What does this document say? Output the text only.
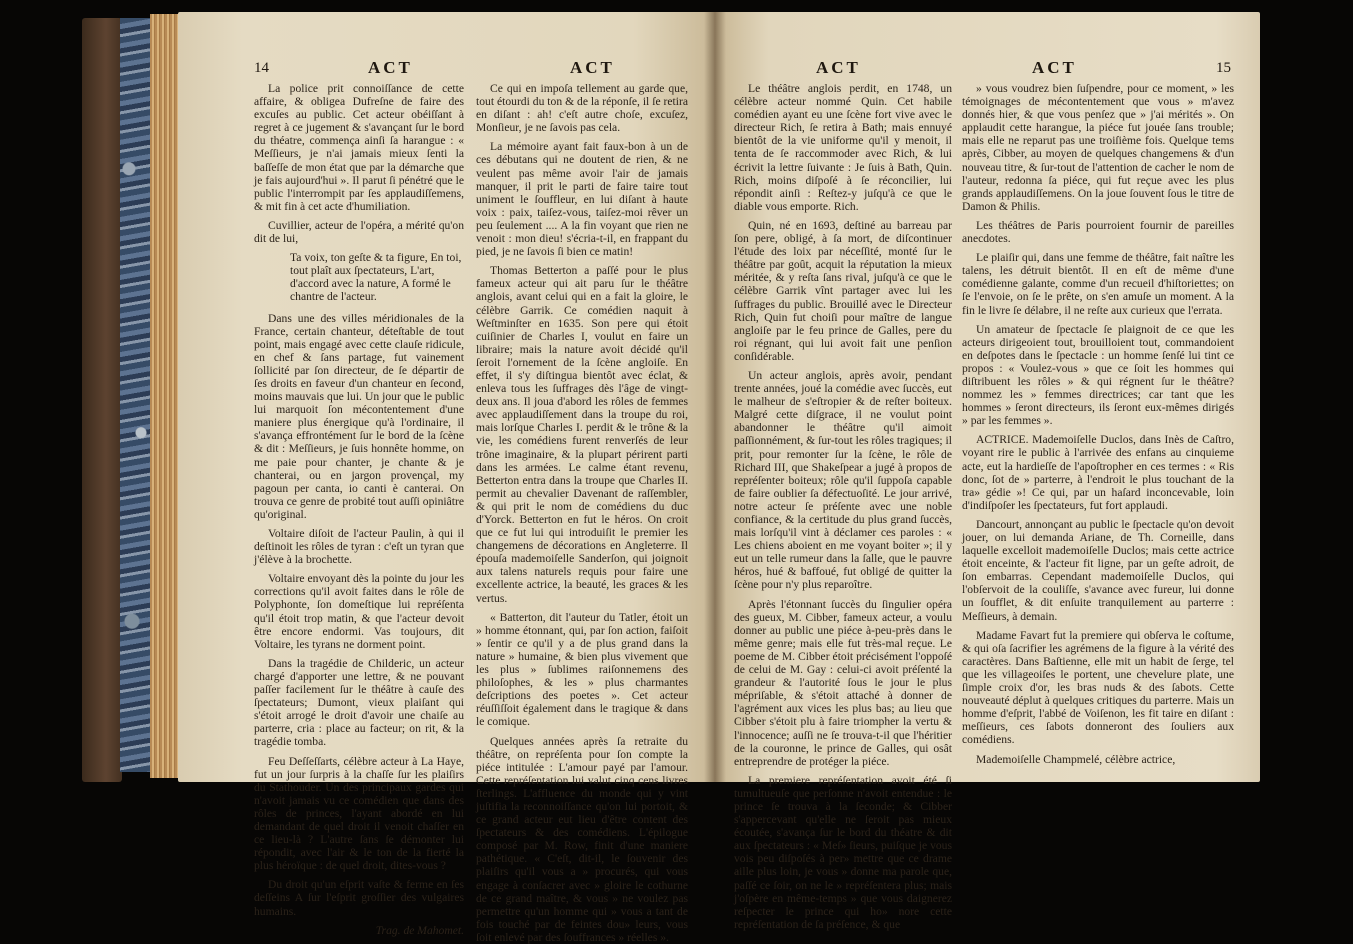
14	ACT	ACT

La police prit connoiſſance de cette affaire, & obligea Dufreſne de faire des excuſes au public. Cet acteur obéiſſant à regret à ce jugement & s'avançant ſur le bord du théatre, commença ainſi ſa harangue : « Meſſieurs, je n'ai jamais mieux ſenti la baſſeſſe de mon état que par la démarche que je fais aujourd'hui ». Il parut ſi pénétré que le public l'interrompit par ſes applaudiſſemens, & mit fin à cet acte d'humiliation.

Cuvillier, acteur de l'opéra, a mérité qu'on dit de lui,

Ta voix, ton geſte & ta figure, En toi, tout plaît aux ſpectateurs, L'art, d'accord avec la nature, A formé le chantre de l'acteur.

Dans une des villes méridionales de la France, certain chanteur, déteſtable de tout point, mais engagé avec cette clauſe ridicule, en chef & ſans partage, fut vainement ſollicité par ſon directeur, de ſe départir de ſes droits en faveur d'un chanteur en ſecond, moins mauvais que lui. Un jour que le public lui marquoit ſon mécontentement d'une maniere plus énergique qu'à l'ordinaire, il s'avança effrontément ſur le bord de la ſcène & dit : Meſſieurs, je ſuis honnête homme, on me paie pour chanter, je chante & je chanterai, ou en jargon provençal, my pagoun per canta, io canti è canterai. On trouva ce genre de probité tout auſſi opiniâtre qu'original.

Voltaire diſoit de l'acteur Paulin, à qui il deſtinoit les rôles de tyran : c'eſt un tyran que j'élève à la brochette.

Voltaire envoyant dès la pointe du jour les corrections qu'il avoit faites dans le rôle de Polyphonte, ſon domeſtique lui repréſenta qu'il étoit trop matin, & que l'acteur devoit être encore endormi. Vas toujours, dit Voltaire, les tyrans ne dorment point.

Dans la tragédie de Childeric, un acteur chargé d'apporter une lettre, & ne pouvant paſſer facilement ſur le théâtre à cauſe des ſpectateurs; Dumont, vieux plaiſant qui s'étoit arrogé le droit d'avoir une chaiſe au parterre, cria : place au facteur; on rit, & la tragédie tomba.

Feu Deſſeſſarts, célèbre acteur à La Haye, fut un jour ſurpris à la chaſſe ſur les plaiſirs du Stathouder. Un des principaux gardes qui n'avoit jamais vu ce comédien que dans des rôles de princes, l'ayant abordé en lui demandant de quel droit il venoit chaſſer en ce lieu-là ? L'autre ſans ſe démonter lui répondit, avec l'air & le ton de la fierté la plus héroïque : de quel droit, dites-vous ?

Du droit qu'un eſprit vaſte & ferme en ſes deſſeins A ſur l'eſprit groſſier des vulgaires humains.

Trag. de Mahomet.

Ce qui en impoſa tellement au garde que, tout étourdi du ton & de la réponſe, il ſe retira en diſant : ah! c'eſt autre choſe, excuſez, Monſieur, je ne ſavois pas cela.

La mémoire ayant fait faux-bon à un de ces débutans qui ne doutent de rien, & ne veulent pas même avoir l'air de jamais manquer, il prit le parti de faire taire tout uniment le ſouffleur, en lui diſant à haute voix : paix, taiſez-vous, taiſez-moi rêver un peu ſeulement .... A la fin voyant que rien ne venoit : mon dieu! s'écria-t-il, en frappant du pied, je ne ſavois ſi bien ce matin!

Thomas Betterton a paſſé pour le plus fameux acteur qui ait paru ſur le théâtre anglois, avant celui qui en a fait la gloire, le célèbre Garrik. Ce comédien naquit à Weſtminſter en 1635. Son pere qui étoit cuiſinier de Charles I, voulut en faire un libraire; mais la nature avoit décidé qu'il ſeroit l'ornement de la ſcène angloiſe. En effet, il s'y diſtingua bientôt avec éclat, & enleva tous les ſuffrages dès l'âge de vingt-deux ans. Il joua d'abord les rôles de femmes avec applaudiſſement dans la troupe du roi, mais lorſque Charles I. perdit & le trône & la vie, les comédiens furent renverſés de leur trône imaginaire, & la plupart périrent parti dans les armées. Le calme étant revenu, Betterton entra dans la troupe que Charles II. permit au chevalier Davenant de raſſembler, & qui prit le nom de comédiens du duc d'Yorck. Betterton en fut le héros. On croit que ce fut lui qui introduiſit le premier les changemens de décorations en Angleterre. Il épouſa mademoiſelle Sanderſon, qui joignoit aux talens naturels requis pour faire une excellente actrice, la beauté, les graces & les vertus.

« Batterton, dit l'auteur du Tatler, étoit un » homme étonnant, qui, par ſon action, faiſoit » ſentir ce qu'il y a de plus grand dans la nature » humaine, & bien plus vivement que les plus » ſublimes raiſonnemens des philoſophes, & les » plus charmantes deſcriptions des poetes ». Cet acteur réuſſiſſoit également dans le tragique & dans le comique.

Quelques années après ſa retraite du théâtre, on repréſenta pour ſon compte la piéce intitulée : L'amour payé par l'amour. Cette repréſentation lui valut cinq cens livres ſterlings. L'affluence du monde qui y vint juſtifia la reconnoiſſance qu'on lui portoit, & ce grand acteur eut lieu d'être content des ſpectateurs & des comédiens. L'épilogue composé par M. Row, finit d'une maniere pathétique. « C'eſt, dit-il, le ſouvenir des plaiſirs qu'il vous a » procurés, qui vous engage à conſacrer avec » gloire le cothurne de ce grand maître, & vous » ne voulez pas permettre qu'un homme qui » vous a tant de fois touché par de feintes dou» leurs, vous ſoit enlevé par des ſouffrances » réelles ».

ACT	ACT	15

Le théâtre anglois perdit, en 1748, un célèbre acteur nommé Quin. Cet habile comédien ayant eu une ſcène fort vive avec le directeur Rich, ſe retira à Bath; mais ennuyé bientôt de la vie uniforme qu'il y menoit, il tenta de ſe raccommoder avec Rich, & lui écrivit la lettre ſuivante : Je ſuis à Bath, Quin. Rich, moins diſpoſé à ſe réconcilier, lui répondit ainſi : Reſtez-y juſqu'à ce que le diable vous emporte. Rich.

Quin, né en 1693, deſtiné au barreau par ſon pere, obligé, à ſa mort, de diſcontinuer l'étude des loix par néceſſité, monté ſur le théâtre par goût, acquit la réputation la mieux méritée, & y reſta ſans rival, juſqu'à ce que le célèbre Garrik vînt partager avec lui les ſuffrages du public. Brouillé avec le Directeur Rich, Quin fut choiſi pour maître de langue angloiſe par le feu prince de Galles, pere du roi régnant, qui lui avoit fait une penſion conſidérable.

Un acteur anglois, après avoir, pendant trente années, joué la comédie avec ſuccès, eut le malheur de s'eſtropier & de reſter boiteux. Malgré cette diſgrace, il ne voulut point abandonner le théâtre qu'il aimoit paſſionnément, & ſur-tout les rôles tragiques; il prit, pour remonter ſur la ſcène, le rôle de Richard III, que Shakeſpear a jugé à propos de repréſenter boiteux; rôle qu'il ſuppoſa capable de faire oublier ſa défectuoſité. Le jour arrivé, notre acteur ſe préſente avec une noble confiance, & la certitude du plus grand ſuccès, mais lorſqu'il vint à déclamer ces paroles : « Les chiens aboient en me voyant boiter »; il y eut un telle rumeur dans la ſalle, que le pauvre héros, hué & baffoué, fut obligé de quitter la ſcène pour n'y plus reparoître.

Après l'étonnant ſuccès du ſingulier opéra des gueux, M. Cibber, fameux acteur, a voulu donner au public une piéce à-peu-près dans le même genre; mais elle fut très-mal reçue. Le poeme de M. Cibber étoit précisément l'oppoſé de celui de M. Gay : celui-ci avoit préſenté la grandeur & l'autorité ſous le jour le plus mépriſable, & s'étoit attaché à donner de l'agrément aux vices les plus bas; au lieu que Cibber s'étoit plu à faire triompher la vertu & l'innocence; auſſi ne ſe trouva-t-il que l'héritier de la couronne, le prince de Galles, qui osât entreprendre de protéger la piéce.

La premiere repréſentation avoit été ſi tumultueuſe que perſonne n'avoit entendue : le prince ſe trouva à la ſeconde; & Cibber s'appercevant qu'elle ne ſeroit pas mieux écoutée, s'avança ſur le bord du théatre & dit aux ſpectateurs : « Meſ» ſieurs, puiſque je vous vois peu diſpoſés à per» mettre que ce drame aille plus loin, je vous » donne ma parole que, paſſé ce ſoir, on ne le » repréſentera plus; mais j'oſpère en même-temps » que vous daignerez reſpecter le prince qui ho» nore cette repréſentation de ſa préſence, & que

» vous voudrez bien ſuſpendre, pour ce moment, » les témoignages de mécontentement que vous » m'avez donnés hier, & que vous penſez que » j'ai mérités ». On applaudit cette harangue, la piéce fut jouée ſans trouble; mais elle ne reparut pas une troiſième fois. Quelque tems après, Cibber, au moyen de quelques changemens & d'un nouveau titre, & ſur-tout de l'attention de cacher le nom de l'auteur, redonna ſa piéce, qui fut reçue avec les plus grands applaudiſſemens. On la joue ſouvent ſous le titre de Damon & Philis.

Les théâtres de Paris pourroient fournir de pareilles anecdotes.

Le plaiſir qui, dans une femme de théâtre, fait naître les talens, les détruit bientôt. Il en eſt de même d'une comédienne galante, comme d'un recueil d'hiſtoriettes; on ſe l'envoie, on ſe le prête, on s'en amuſe un moment. A la fin le livre ſe délabre, il ne reſte aux curieux que l'errata.

Un amateur de ſpectacle ſe plaignoit de ce que les acteurs dirigeoient tout, brouilloient tout, commandoient en deſpotes dans le ſpectacle : un homme ſenſé lui tint ce propos : « Voulez-vous » que ce ſoit les hommes qui diſtribuent les rôles » & qui régnent ſur le théâtre? nommez les » femmes directrices; car tant que les hommes » ſeront directeurs, ils ſeront eux-mêmes dirigés » par les femmes ».

ACTRICE. Mademoiſelle Duclos, dans Inès de Caſtro, voyant rire le public à l'arrivée des enfans au cinquieme acte, eut la hardieſſe de l'apoſtropher en ces termes : « Ris donc, ſot de » parterre, à l'endroit le plus touchant de la tra» gédie »! Ce qui, par un haſard inconcevable, loin d'indiſpoſer les ſpectateurs, fut fort applaudi.

Dancourt, annonçant au public le ſpectacle qu'on devoit jouer, on lui demanda Ariane, de Th. Corneille, dans laquelle excelloit mademoiſelle Duclos; mais cette actrice étoit enceinte, & l'acteur fit ligne, par un geſte adroit, de ſon embarras. Cependant mademoiſelle Duclos, qui l'obſervoit de la couliſſe, s'avance avec fureur, lui donne un ſoufflet, & dit enſuite tranquilement au parterre : Meſſieurs, à demain.

Madame Favart fut la premiere qui obſerva le coſtume, & qui oſa ſacrifier les agrémens de la figure à la vérité des caractères. Dans Baſtienne, elle mit un habit de ſerge, tel que les villageoiſes le portent, une chevelure plate, une ſimple croix d'or, les bras nuds & des ſabots. Cette nouveauté déplut à quelques critiques du parterre. Mais un homme d'eſprit, l'abbé de Voiſenon, les fit taire en diſant : meſſieurs, ces ſabots donneront des ſouliers aux comédiens.

Mademoiſelle Champmelé, célèbre actrice,
